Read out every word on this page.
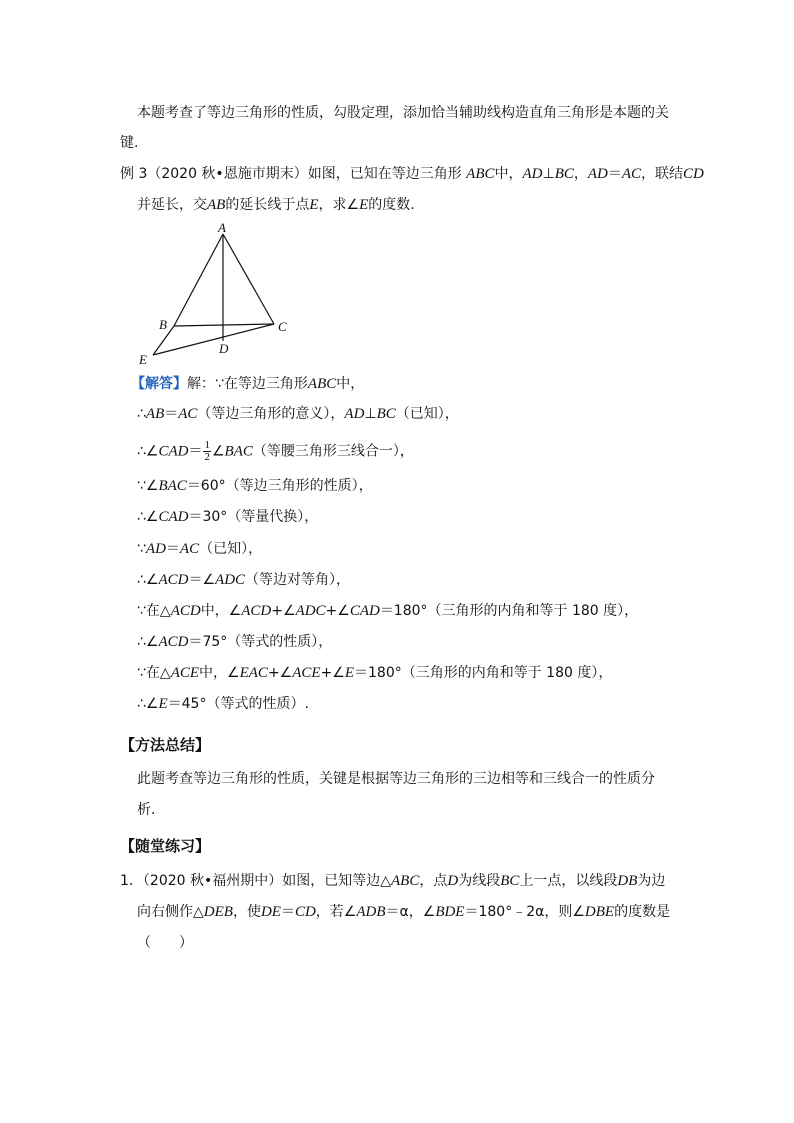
本题考查了等边三角形的性质，勾股定理，添加恰当辅助线构造直角三角形是本题的关
键.
例 3（2020 秋•恩施市期末）如图，已知在等边三角形 ABC中，AD⊥BC，AD＝AC，联结CD
并延长，交AB的延长线于点E，求∠E的度数.
A
B	C
D
E
【解答】解：∵在等边三角形ABC中，
∴AB＝AC（等边三角形的意义），AD⊥BC（已知），
∴∠CAD＝ $\frac{1}{2}$ ∠BAC（等腰三角形三线合一），
∵∠BAC＝60°（等边三角形的性质），
∴∠CAD＝30°（等量代换），
∵AD＝AC（已知），
∴∠ACD＝∠ADC（等边对等角），
∵在△ACD中，∠ACD+∠ADC+∠CAD＝180°（三角形的内角和等于 180 度），
∴∠ACD＝75°（等式的性质），
∵在△ACE中，∠EAC+∠ACE+∠E＝180°（三角形的内角和等于 180 度），
∴∠E＝45°（等式的性质）.
【方法总结】
此题考查等边三角形的性质，关键是根据等边三角形的三边相等和三线合一的性质分
析.
【随堂练习】
1．（2020 秋•福州期中）如图，已知等边△ABC，点D为线段BC上一点，以线段DB为边
向右侧作△DEB，使DE＝CD，若∠ADB＝α，∠BDE＝180°﹣2α，则∠DBE的度数是
（　　）
